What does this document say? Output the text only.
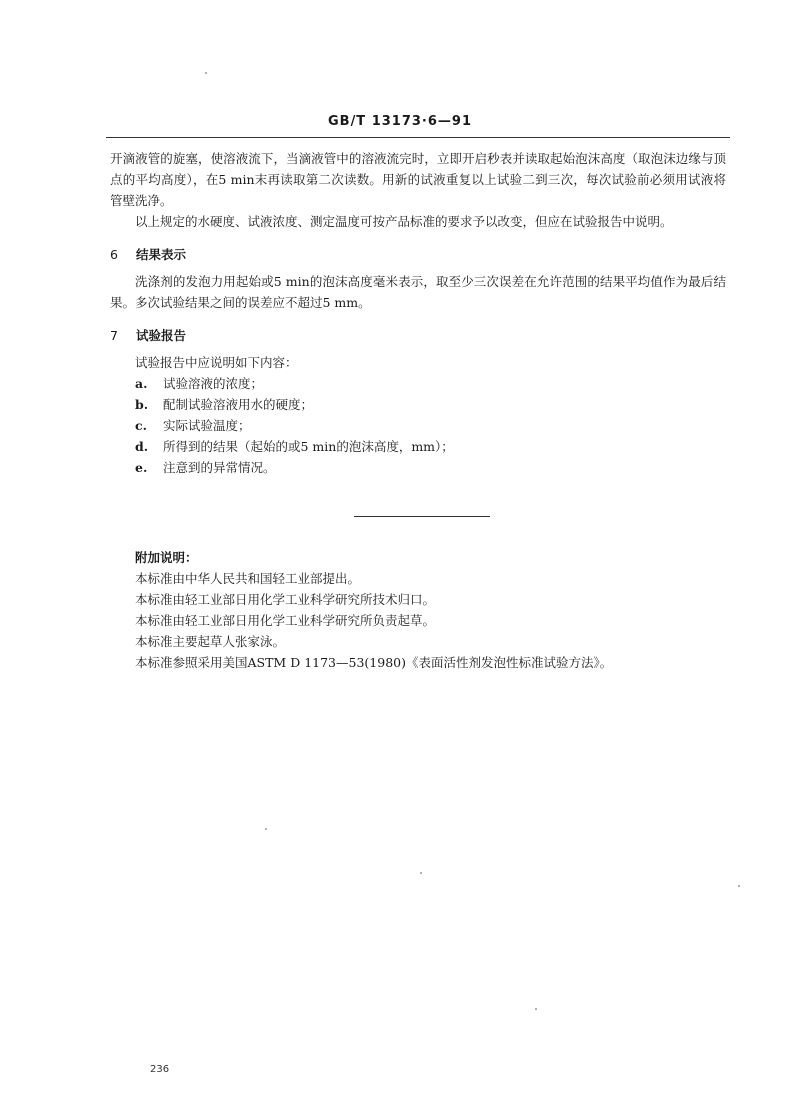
GB/T 13173·6—91

开滴液管的旋塞，使溶液流下，当滴液管中的溶液流完时，立即开启秒表并读取起始泡沫高度（取泡沫边缘与顶点的平均高度），在5 min末再读取第二次读数。用新的试液重复以上试验二到三次，每次试验前必须用试液将管壁洗净。

以上规定的水硬度、试液浓度、测定温度可按产品标准的要求予以改变，但应在试验报告中说明。

6 结果表示

洗涤剂的发泡力用起始或5 min的泡沫高度毫米表示，取至少三次误差在允许范围的结果平均值作为最后结果。多次试验结果之间的误差应不超过5 mm。

7 试验报告

试验报告中应说明如下内容：

a.	试验溶液的浓度；
b.	配制试验溶液用水的硬度；
c.	实际试验温度；
d.	所得到的结果（起始的或5 min的泡沫高度，mm）；
e.	注意到的异常情况。

附加说明：

本标准由中华人民共和国轻工业部提出。

本标准由轻工业部日用化学工业科学研究所技术归口。

本标准由轻工业部日用化学工业科学研究所负责起草。

本标准主要起草人张家泳。

本标准参照采用美国ASTM D 1173—53(1980)《表面活性剂发泡性标准试验方法》。

236
